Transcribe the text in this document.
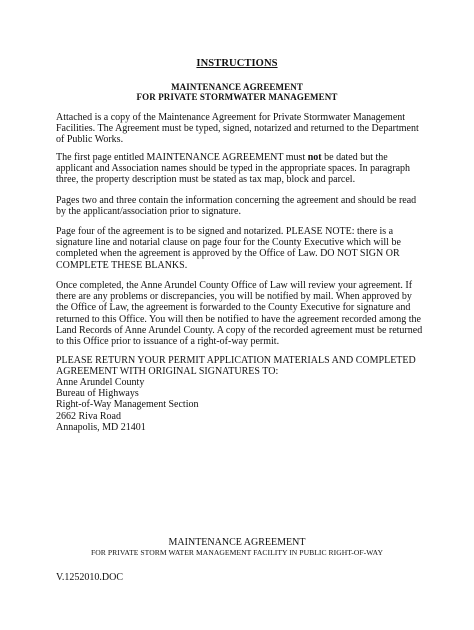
INSTRUCTIONS
MAINTENANCE AGREEMENT
FOR PRIVATE STORMWATER MANAGEMENT

Attached is a copy of the Maintenance Agreement for Private Stormwater Management Facilities. The Agreement must be typed, signed, notarized and returned to the Department of Public Works.

The first page entitled MAINTENANCE AGREEMENT must not be dated but the applicant and Association names should be typed in the appropriate spaces. In paragraph three, the property description must be stated as tax map, block and parcel.

Pages two and three contain the information concerning the agreement and should be read by the applicant/association prior to signature.

Page four of the agreement is to be signed and notarized. PLEASE NOTE: there is a signature line and notarial clause on page four for the County Executive which will be completed when the agreement is approved by the Office of Law. DO NOT SIGN OR COMPLETE THESE BLANKS.

Once completed, the Anne Arundel County Office of Law will review your agreement. If there are any problems or discrepancies, you will be notified by mail. When approved by the Office of Law, the agreement is forwarded to the County Executive for signature and returned to this Office. You will then be notified to have the agreement recorded among the Land Records of Anne Arundel County. A copy of the recorded agreement must be returned to this Office prior to issuance of a right-of-way permit.

PLEASE RETURN YOUR PERMIT APPLICATION MATERIALS AND COMPLETED AGREEMENT WITH ORIGINAL SIGNATURES TO:

Anne Arundel County
Bureau of Highways
Right-of-Way Management Section
2662 Riva Road
Annapolis, MD 21401
MAINTENANCE AGREEMENT
FOR PRIVATE STORM WATER MANAGEMENT FACILITY IN PUBLIC RIGHT-OF-WAY
V.1252010.DOC
